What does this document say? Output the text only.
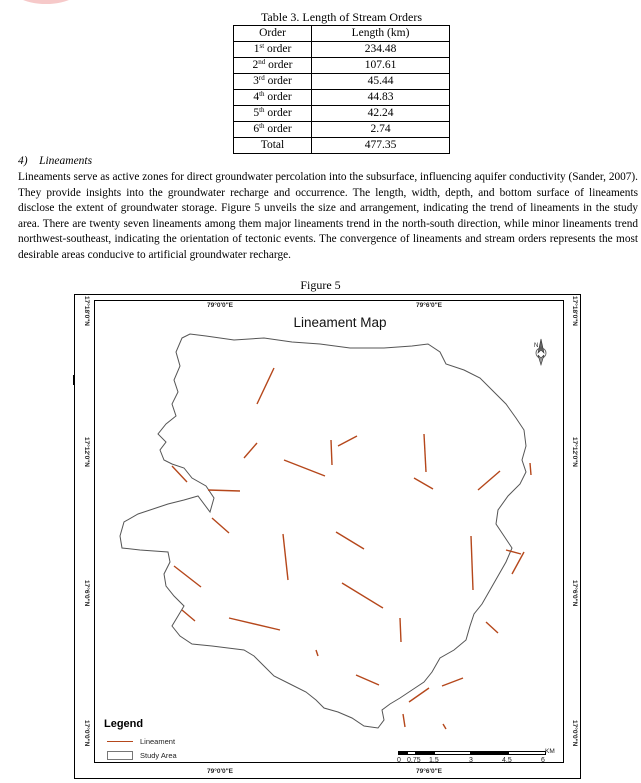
Table 3. Length of Stream Orders
Order	Length (km)
1st order	234.48
2nd order	107.61
3rd order	45.44
4th order	44.83
5th order	42.24
6th order	2.74
Total	477.35
4)    Lineaments

Lineaments serve as active zones for direct groundwater percolation into the subsurface, influencing aquifer conductivity (Sander, 2007). They provide insights into the groundwater recharge and occurrence. The length, width, depth, and bottom surface of lineaments disclose the extent of groundwater storage. Figure 5 unveils the size and arrangement, indicating the trend of lineaments in the study area. There are twenty seven lineaments among them major lineaments trend in the north-south direction, while minor lineaments trend northwest-southeast, indicating the orientation of tectonic events. The convergence of lineaments and stream orders represents the most desirable areas conducive to artificial groundwater recharge.

Figure 5
79°0'0"E	79°6'0"E
79°0'0"E	79°6'0"E
17°18'0"N
17°12'0"N
17°6'0"N
17°0'0"N
17°18'0"N
17°12'0"N
17°6'0"N
17°0'0"N
Lineament Map
N
Legend
Lineament
Study Area
0 0.75 1.5	3	4.5	6
KM
